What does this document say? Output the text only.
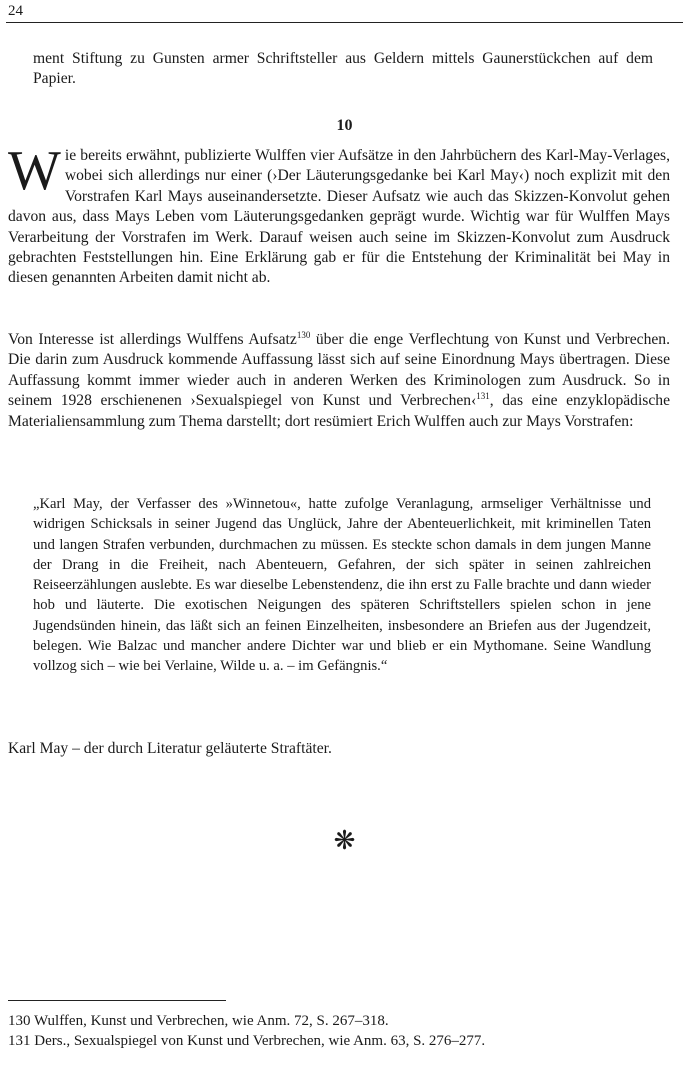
24
ment Stiftung zu Gunsten armer Schriftsteller aus Geldern mittels Gaunerstückchen auf dem Papier.
10
W ie bereits erwähnt, publizierte Wulffen vier Aufsätze in den Jahrbüchern des Karl-May-Verlages, wobei sich allerdings nur einer (›Der Läuterungsgedanke bei Karl May‹) noch explizit mit den Vorstrafen Karl Mays auseinandersetzte. Dieser Aufsatz wie auch das Skizzen-Konvolut gehen davon aus, dass Mays Leben vom Läuterungsgedanken geprägt wurde. Wichtig war für Wulffen Mays Verarbeitung der Vorstrafen im Werk. Darauf weisen auch seine im Skizzen-Konvolut zum Ausdruck gebrachten Feststellungen hin. Eine Erklärung gab er für die Entstehung der Kriminalität bei May in diesen genannten Arbeiten damit nicht ab.
Von Interesse ist allerdings Wulffens Aufsatz$^{130}$ über die enge Verflechtung von Kunst und Verbrechen. Die darin zum Ausdruck kommende Auffassung lässt sich auf seine Einordnung Mays übertragen. Diese Auffassung kommt immer wieder auch in anderen Werken des Kriminologen zum Ausdruck. So in seinem 1928 erschienenen ›Sexualspiegel von Kunst und Verbrechen‹$^{131}$, das eine enzyklopädische Materialiensammlung zum Thema darstellt; dort resümiert Erich Wulffen auch zur Mays Vorstrafen:
„Karl May, der Verfasser des »Winnetou«, hatte zufolge Veranlagung, armseliger Verhältnisse und widrigen Schicksals in seiner Jugend das Unglück, Jahre der Abenteuerlichkeit, mit kriminellen Taten und langen Strafen verbunden, durchmachen zu müssen. Es steckte schon damals in dem jungen Manne der Drang in die Freiheit, nach Abenteuern, Gefahren, der sich später in seinen zahlreichen Reiseerzählungen auslebte. Es war dieselbe Lebenstendenz, die ihn erst zu Falle brachte und dann wieder hob und läuterte. Die exotischen Neigungen des späteren Schriftstellers spielen schon in jene Jugendsünden hinein, das läßt sich an feinen Einzelheiten, insbesondere an Briefen aus der Jugendzeit, belegen. Wie Balzac und mancher andere Dichter war und blieb er ein Mythomane. Seine Wandlung vollzog sich – wie bei Verlaine, Wilde u. a. – im Gefängnis.“
Karl May – der durch Literatur geläuterte Straftäter.
❋
130 Wulffen, Kunst und Verbrechen, wie Anm. 72, S. 267–318.
131 Ders., Sexualspiegel von Kunst und Verbrechen, wie Anm. 63, S. 276–277.
